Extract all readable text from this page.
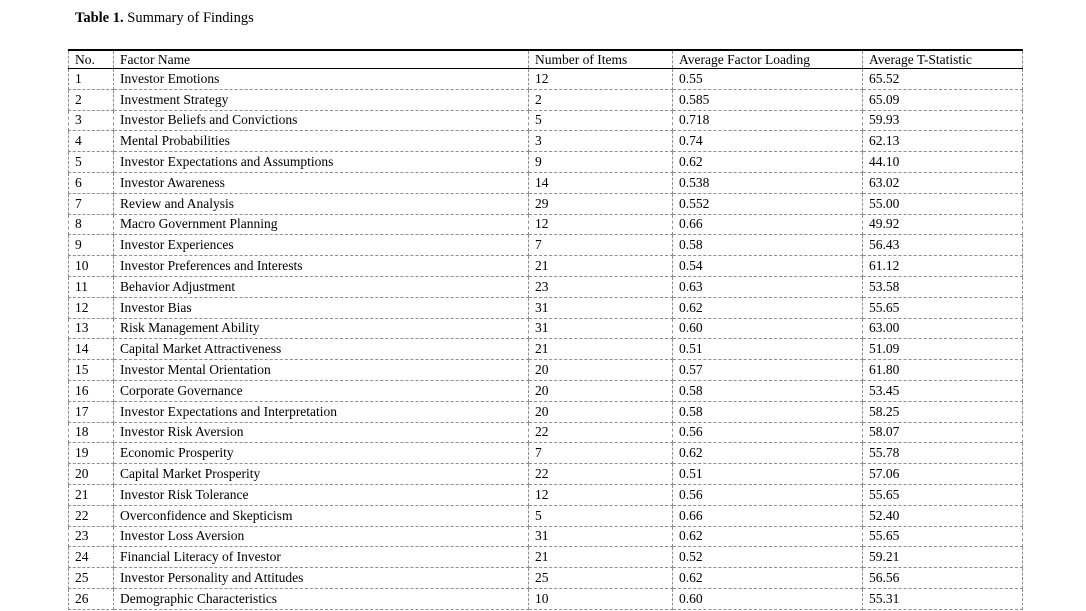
Table 1. Summary of Findings

No.	Factor Name	Number of Items	Average Factor Loading	Average T-Statistic
1	Investor Emotions	12	0.55	65.52
2	Investment Strategy	2	0.585	65.09
3	Investor Beliefs and Convictions	5	0.718	59.93
4	Mental Probabilities	3	0.74	62.13
5	Investor Expectations and Assumptions	9	0.62	44.10
6	Investor Awareness	14	0.538	63.02
7	Review and Analysis	29	0.552	55.00
8	Macro Government Planning	12	0.66	49.92
9	Investor Experiences	7	0.58	56.43
10	Investor Preferences and Interests	21	0.54	61.12
11	Behavior Adjustment	23	0.63	53.58
12	Investor Bias	31	0.62	55.65
13	Risk Management Ability	31	0.60	63.00
14	Capital Market Attractiveness	21	0.51	51.09
15	Investor Mental Orientation	20	0.57	61.80
16	Corporate Governance	20	0.58	53.45
17	Investor Expectations and Interpretation	20	0.58	58.25
18	Investor Risk Aversion	22	0.56	58.07
19	Economic Prosperity	7	0.62	55.78
20	Capital Market Prosperity	22	0.51	57.06
21	Investor Risk Tolerance	12	0.56	55.65
22	Overconfidence and Skepticism	5	0.66	52.40
23	Investor Loss Aversion	31	0.62	55.65
24	Financial Literacy of Investor	21	0.52	59.21
25	Investor Personality and Attitudes	25	0.62	56.56
26	Demographic Characteristics	10	0.60	55.31
